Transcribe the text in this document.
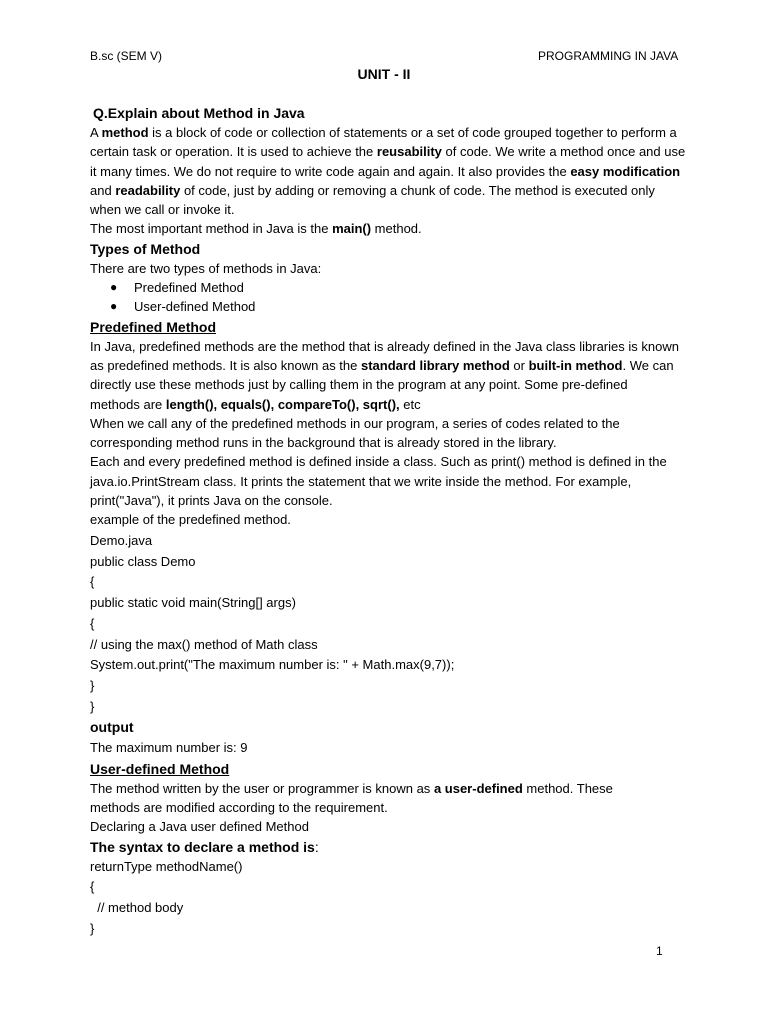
B.sc (SEM V)	PROGRAMMING IN JAVA
UNIT - II

Q.Explain about Method in Java

A method is a block of code or collection of statements or a set of code grouped together to perform a

certain task or operation. It is used to achieve the reusability of code. We write a method once and use

it many times. We do not require to write code again and again. It also provides the easy modification

and readability of code, just by adding or removing a chunk of code. The method is executed only

when we call or invoke it.

The most important method in Java is the main() method.

Types of Method

There are two types of methods in Java:

●	Predefined Method

●	User-defined Method

Predefined Method

In Java, predefined methods are the method that is already defined in the Java class libraries is known

as predefined methods. It is also known as the standard library method or built-in method. We can

directly use these methods just by calling them in the program at any point. Some pre-defined

methods are length(), equals(), compareTo(), sqrt(), etc

When we call any of the predefined methods in our program, a series of codes related to the

corresponding method runs in the background that is already stored in the library.

Each and every predefined method is defined inside a class. Such as print() method is defined in the

java.io.PrintStream class. It prints the statement that we write inside the method. For example,

print("Java"), it prints Java on the console.

example of the predefined method.

Demo.java

public class Demo

{

public static void main(String[] args)

{

// using the max() method of Math class

System.out.print("The maximum number is: " + Math.max(9,7));

}

}

output

The maximum number is: 9

User-defined Method

The method written by the user or programmer is known as a user-defined method. These

methods are modified according to the requirement.

Declaring a Java user defined Method

The syntax to declare a method is:

returnType methodName()

{

// method body

}

1
